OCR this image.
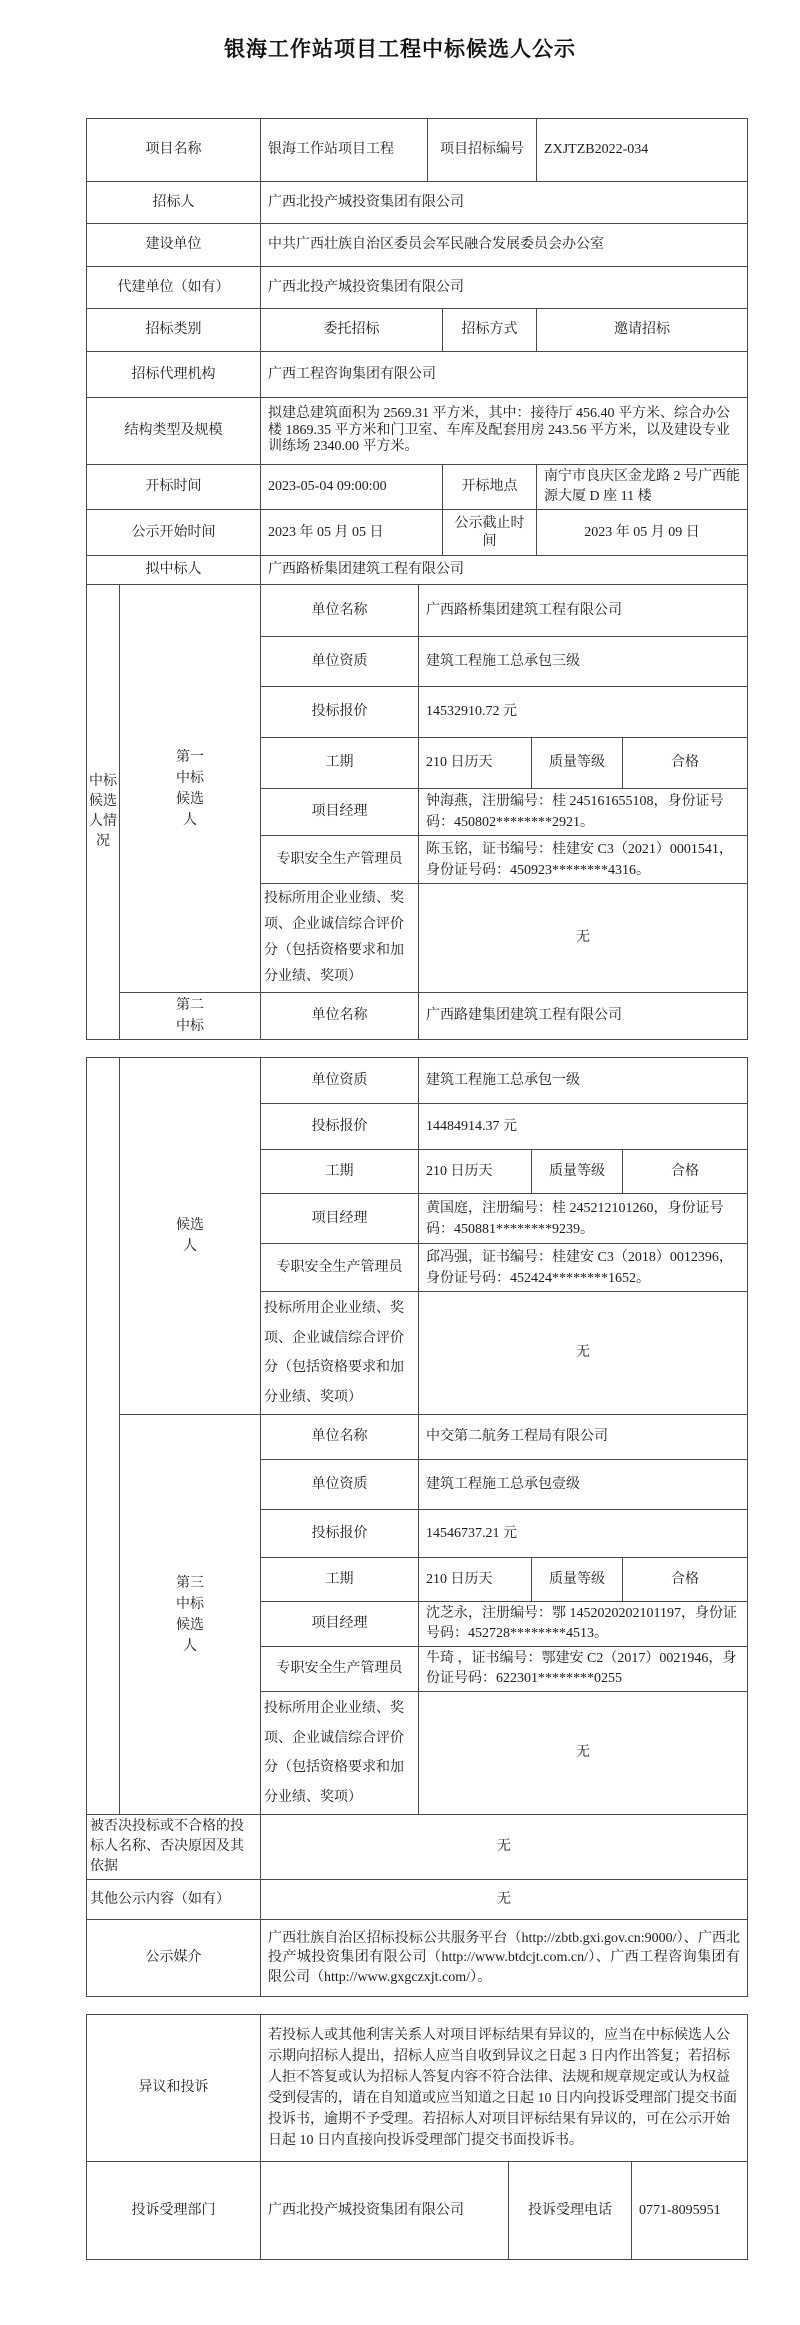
银海工作站项目工程中标候选人公示
项目名称		银海工作站项目工程		项目招标编号			ZXJTZB2022-034	
招标人		广西北投产城投资集团有限公司						
建设单位		中共广西壮族自治区委员会军民融合发展委员会办公室						
代建单位（如有）		广西北投产城投资集团有限公司						
招标类别		委托招标			招标方式		邀请招标	
招标代理机构		广西工程咨询集团有限公司						
结构类型及规模		拟建总建筑面积为 2569.31 平方米，其中：接待厅 456.40 平方米、综合办公楼 1869.35 平方米和门卫室、车库及配套用房 243.56 平方米，以及建设专业训练场 2340.00 平方米。						
开标时间		2023-05-04 09:00:00			开标地点		南宁市良庆区金龙路 2 号广西能源大厦 D 座 11 楼	
公示开始时间		2023 年 05 月 05 日			公示截止时间		2023 年 05 月 09 日	
拟中标人		广西路桥集团建筑工程有限公司						
中标候选人情况	第一中标候选人	单位名称	广西路桥集团建筑工程有限公司					
		单位资质	建筑工程施工总承包三级					
		投标报价	14532910.72 元					
		工期	210 日历天			质量等级		合格
		项目经理	钟海燕，注册编号：桂 245161655108，身份证号码：450802********2921。					
		专职安全生产管理员	陈玉铭，证书编号：桂建安 C3（2021）0001541，身份证号码：450923********4316。					
		投标所用企业业绩、奖项、企业诚信综合评价分（包括资格要求和加分业绩、奖项）	无					
	第二中标	单位名称	广西路建集团建筑工程有限公司					
	候选人	单位资质	建筑工程施工总承包一级		
		投标报价	14484914.37 元		
		工期	210 日历天	质量等级	合格
		项目经理	黄国庭，注册编号：桂 245212101260，身份证号码：450881********9239。		
		专职安全生产管理员	邱冯强，证书编号：桂建安 C3（2018）0012396，身份证号码：452424********1652。		
		投标所用企业业绩、奖项、企业诚信综合评价分（包括资格要求和加分业绩、奖项）	无		
	第三中标候选人	单位名称	中交第二航务工程局有限公司		
		单位资质	建筑工程施工总承包壹级		
		投标报价	14546737.21 元		
		工期	210 日历天	质量等级	合格
		项目经理	沈芝永，注册编号：鄂 1452020202101197，身份证号码：452728********4513。		
		专职安全生产管理员	牛琦 ，证书编号：鄂建安 C2（2017）0021946，身份证号码：622301********0255		
		投标所用企业业绩、奖项、企业诚信综合评价分（包括资格要求和加分业绩、奖项）	无		
被否决投标或不合格的投标人名称、否决原因及其依据		无			
其他公示内容（如有）		无			
公示媒介		广西壮族自治区招标投标公共服务平台（http://zbtb.gxi.gov.cn:9000/）、广西北投产城投资集团有限公司（http://www.btdcjt.com.cn/）、广西工程咨询集团有限公司（http://www.gxgczxjt.com/）。			
异议和投诉	若投标人或其他利害关系人对项目评标结果有异议的，应当在中标候选人公示期向招标人提出，招标人应当自收到异议之日起 3 日内作出答复；若招标人拒不答复或认为招标人答复内容不符合法律、法规和规章规定或认为权益受到侵害的，请在自知道或应当知道之日起 10 日内向投诉受理部门提交书面投诉书，逾期不予受理。若招标人对项目评标结果有异议的，可在公示开始日起 10 日内直接向投诉受理部门提交书面投诉书。		
投诉受理部门	广西北投产城投资集团有限公司	投诉受理电话	0771-8095951
